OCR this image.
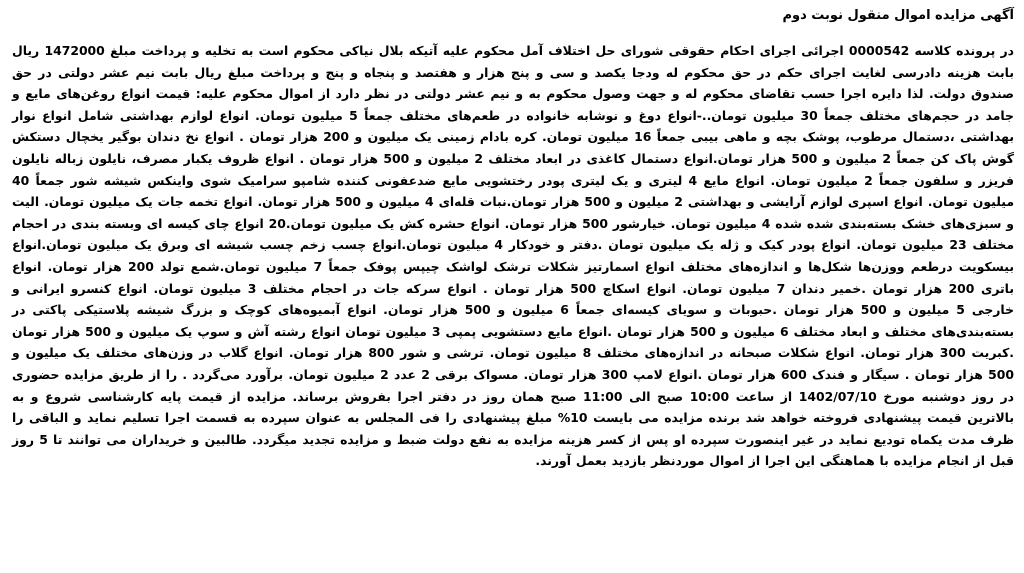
آگهی مزایده اموال منقول نوبت دوم

در پرونده کلاسه 0000542 اجرائی اجرای احکام حقوقی شورای حل اختلاف آمل محکوم علیه آتیکه بلال نیاکی محکوم است به تخلیه و پرداخت مبلغ 1472000 ریال بابت هزینه دادرسی لغایت اجرای حکم در حق محکوم له ودجا یکصد و سی و پنج هزار و هفتصد و پنجاه و پنج و پرداخت مبلغ ریال بابت نیم عشر دولتی در حق صندوق دولت. لذا دایره اجرا حسب تقاضای محکوم له و جهت وصول محکوم به و نیم عشر دولتی در نظر دارد از اموال محکوم علیه: قیمت انواع روغن‌های مایع و جامد در حجم‌های مختلف جمعاً 30 میلیون تومان..-انواع دوغ و نوشابه خانواده در طعم‌های مختلف جمعاً 5 میلیون تومان. انواع لوازم بهداشتی شامل انواع نوار بهداشتی ،دستمال مرطوب، پوشک بچه و ماهی بیبی جمعاً 16 میلیون تومان. کره بادام زمینی یک میلیون و 200 هزار تومان . انواع نخ دندان بوگیر یخچال دستکش گوش پاک کن جمعاً 2 میلیون و 500 هزار تومان.انواع دستمال کاغذی در ابعاد مختلف 2 میلیون و 500 هزار تومان . انواع ظروف یکبار مصرف، نایلون زباله نایلون فریزر و سلفون جمعاً 2 میلیون تومان. انواع مایع 4 لیتری و یک لیتری پودر رختشویی مایع ضدعفونی کننده شامپو سرامیک شوی واینکس شیشه شور جمعاً 40 میلیون تومان. انواع اسپری لوازم آرایشی و بهداشتی 2 میلیون و 500 هزار تومان.نبات قله‌ای 4 میلیون و 500 هزار تومان. انواع تخمه جات یک میلیون تومان. الیت و سبزی‌های خشک بسته‌بندی شده شده 4 میلیون تومان. خیارشور 500 هزار تومان. انواع حشره کش یک میلیون تومان.20 انواع چای کیسه ای وبسته بندی در احجام مختلف 23 میلیون تومان. انواع پودر کیک و ژله یک میلیون تومان .دفتر و خودکار 4 میلیون تومان.انواع چسب زخم چسب شیشه ای وبرق یک میلیون تومان.انواع بیسکویت درطعم ووزن‌ها شکل‌ها و اندازه‌های مختلف انواع اسمارتیز شکلات ترشک لواشک چیپس پوفک جمعاً 7 میلیون تومان.شمع تولد 200 هزار تومان. انواع باتری 200 هزار تومان .خمیر دندان 7 میلیون تومان. انواع اسکاچ 500 هزار تومان . انواع سرکه جات در احجام مختلف 3 میلیون تومان. انواع کنسرو ایرانی و خارجی 5 میلیون و 500 هزار تومان .حبوبات و سویای کیسه‌ای جمعاً 6 میلیون و 500 هزار تومان. انواع آبمیوه‌های کوچک و بزرگ شیشه پلاستیکی پاکتی در بسته‌بندی‌های مختلف و ابعاد مختلف 6 میلیون و 500 هزار تومان .انواع مایع دستشویی پمپی 3 میلیون تومان انواع رشته آش و سوپ یک میلیون و 500 هزار تومان .کبریت 300 هزار تومان. انواع شکلات صبحانه در اندازه‌های مختلف 8 میلیون تومان. ترشی و شور 800 هزار تومان. انواع گلاب در وزن‌های مختلف یک میلیون و 500 هزار تومان . سیگار و فندک 600 هزار تومان .انواع لامپ 300 هزار تومان. مسواک برقی 2 عدد 2 میلیون تومان. برآورد می‌گردد . را از طریق مزایده حضوری در روز دوشنبه مورخ 1402/07/10 از ساعت 10:00 صبح الی 11:00 صبح همان روز در دفتر اجرا بفروش برساند. مزایده از قیمت پایه کارشناسی شروع و به بالاترین قیمت پیشنهادی فروخته خواهد شد برنده مزایده می بایست 10% مبلغ پیشنهادی را فی المجلس به عنوان سپرده به قسمت اجرا تسلیم نماید و الباقی را ظرف مدت یکماه تودیع نماید در غیر اینصورت سپرده او پس از کسر هزینه مزایده به نفع دولت ضبط و مزایده تجدید میگردد. طالبین و خریداران می توانند تا 5 روز قبل از انجام مزایده با هماهنگی این اجرا از اموال مورد‌نظر بازدید بعمل آورند.
